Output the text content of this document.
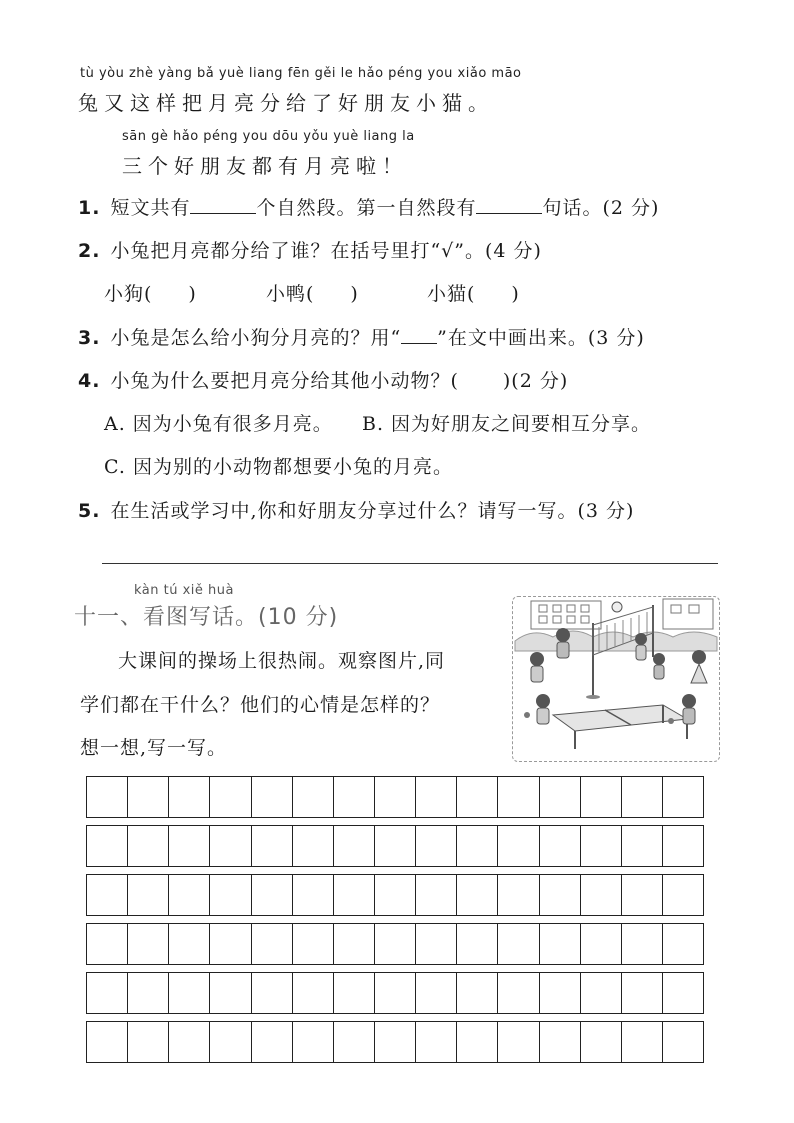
tù yòu zhè yàng bǎ yuè liang fēn gěi le hǎo péng you xiǎo māo
兔又这样把月亮分给了好朋友小猫。
sān gè hǎo péng you dōu yǒu yuè liang la
三个好朋友都有月亮啦！
1. 短文共有	个自然段。第一自然段有	句话。(2 分)
2. 小兔把月亮都分给了谁？在括号里打“√”。(4 分)
小狗( )	小鸭( )	小猫( )
3. 小兔是怎么给小狗分月亮的？用“ ”在文中画出来。(3 分)
4. 小兔为什么要把月亮分给其他小动物？( )(2 分)
A. 因为小兔有很多月亮。 B. 因为好朋友之间要相互分享。
C. 因为别的小动物都想要小兔的月亮。
5. 在生活或学习中,你和好朋友分享过什么？请写一写。(3 分)
kàn tú xiě huà
十一、看图写话。(10 分)
大课间的操场上很热闹。观察图片,同
学们都在干什么？他们的心情是怎样的？
想一想,写一写。
